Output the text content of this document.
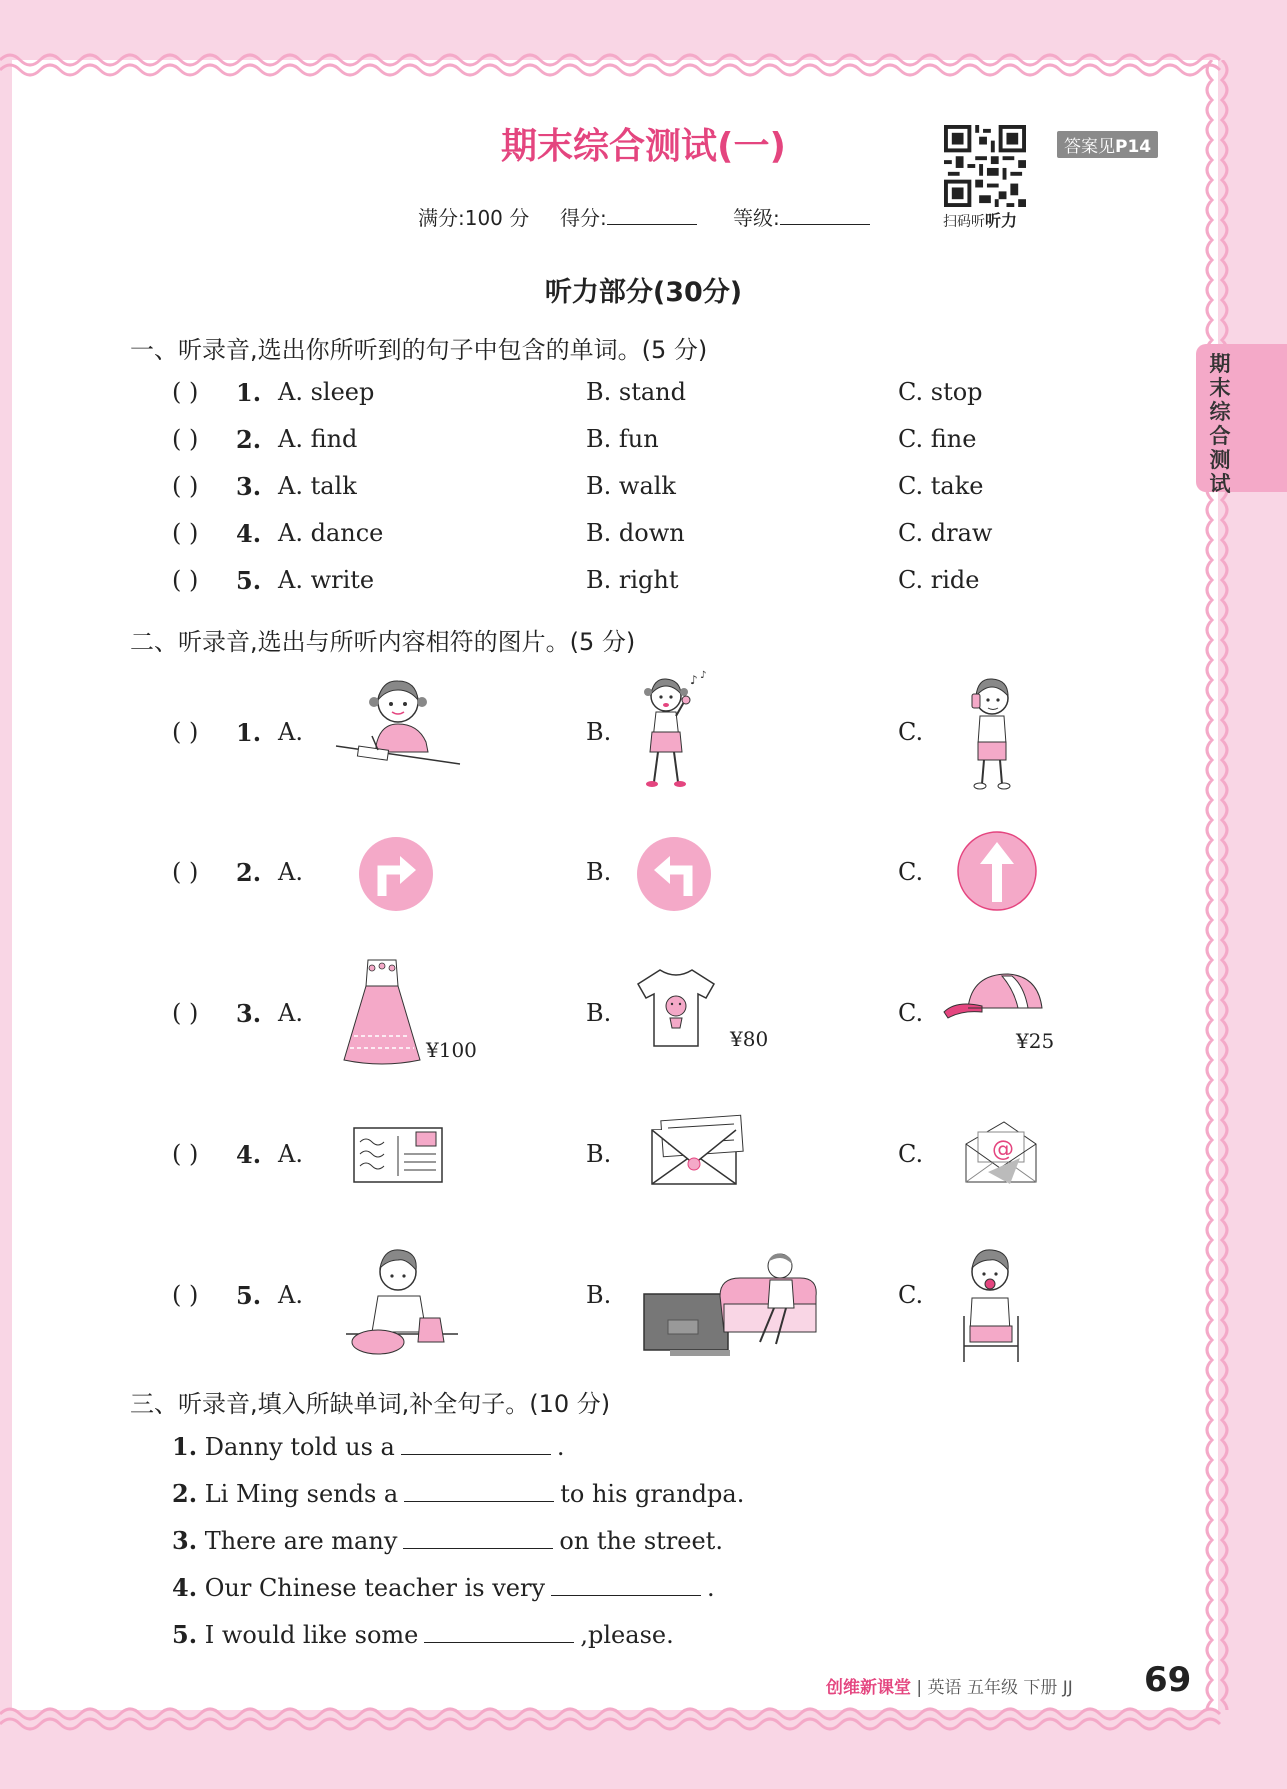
期末综合测试
期末综合测试(一)
扫码听听力
答案见P14
满分:100 分 得分:	等级:
听力部分(30分)
一、听录音,选出你所听到的句子中包含的单词。(5 分)
( ) 1. A. sleep	B. stand	C. stop
( ) 2. A. find	B. fun	C. fine
( ) 3. A. talk	B. walk	C. take
( ) 4. A. dance	B. down	C. draw
( ) 5. A. write	B. right	C. ride
二、听录音,选出与所听内容相符的图片。(5 分)
( ) 1. A.	B.	C.
( ) 2. A.	B.	C.
( ) 3. A.	B.	C.
( ) 4. A.	B.	C.
( ) 5. A.	B.	C.
♪ ♪
¥100	¥80	¥25
@
三、听录音,填入所缺单词,补全句子。(10 分)
1. Danny told us a	.
2. Li Ming sends a	to his grandpa.
3. There are many	on the street.
4. Our Chinese teacher is very	.
5. I would like some	,please.
创维新课堂 | 英语 五年级 下册 JJ 69
